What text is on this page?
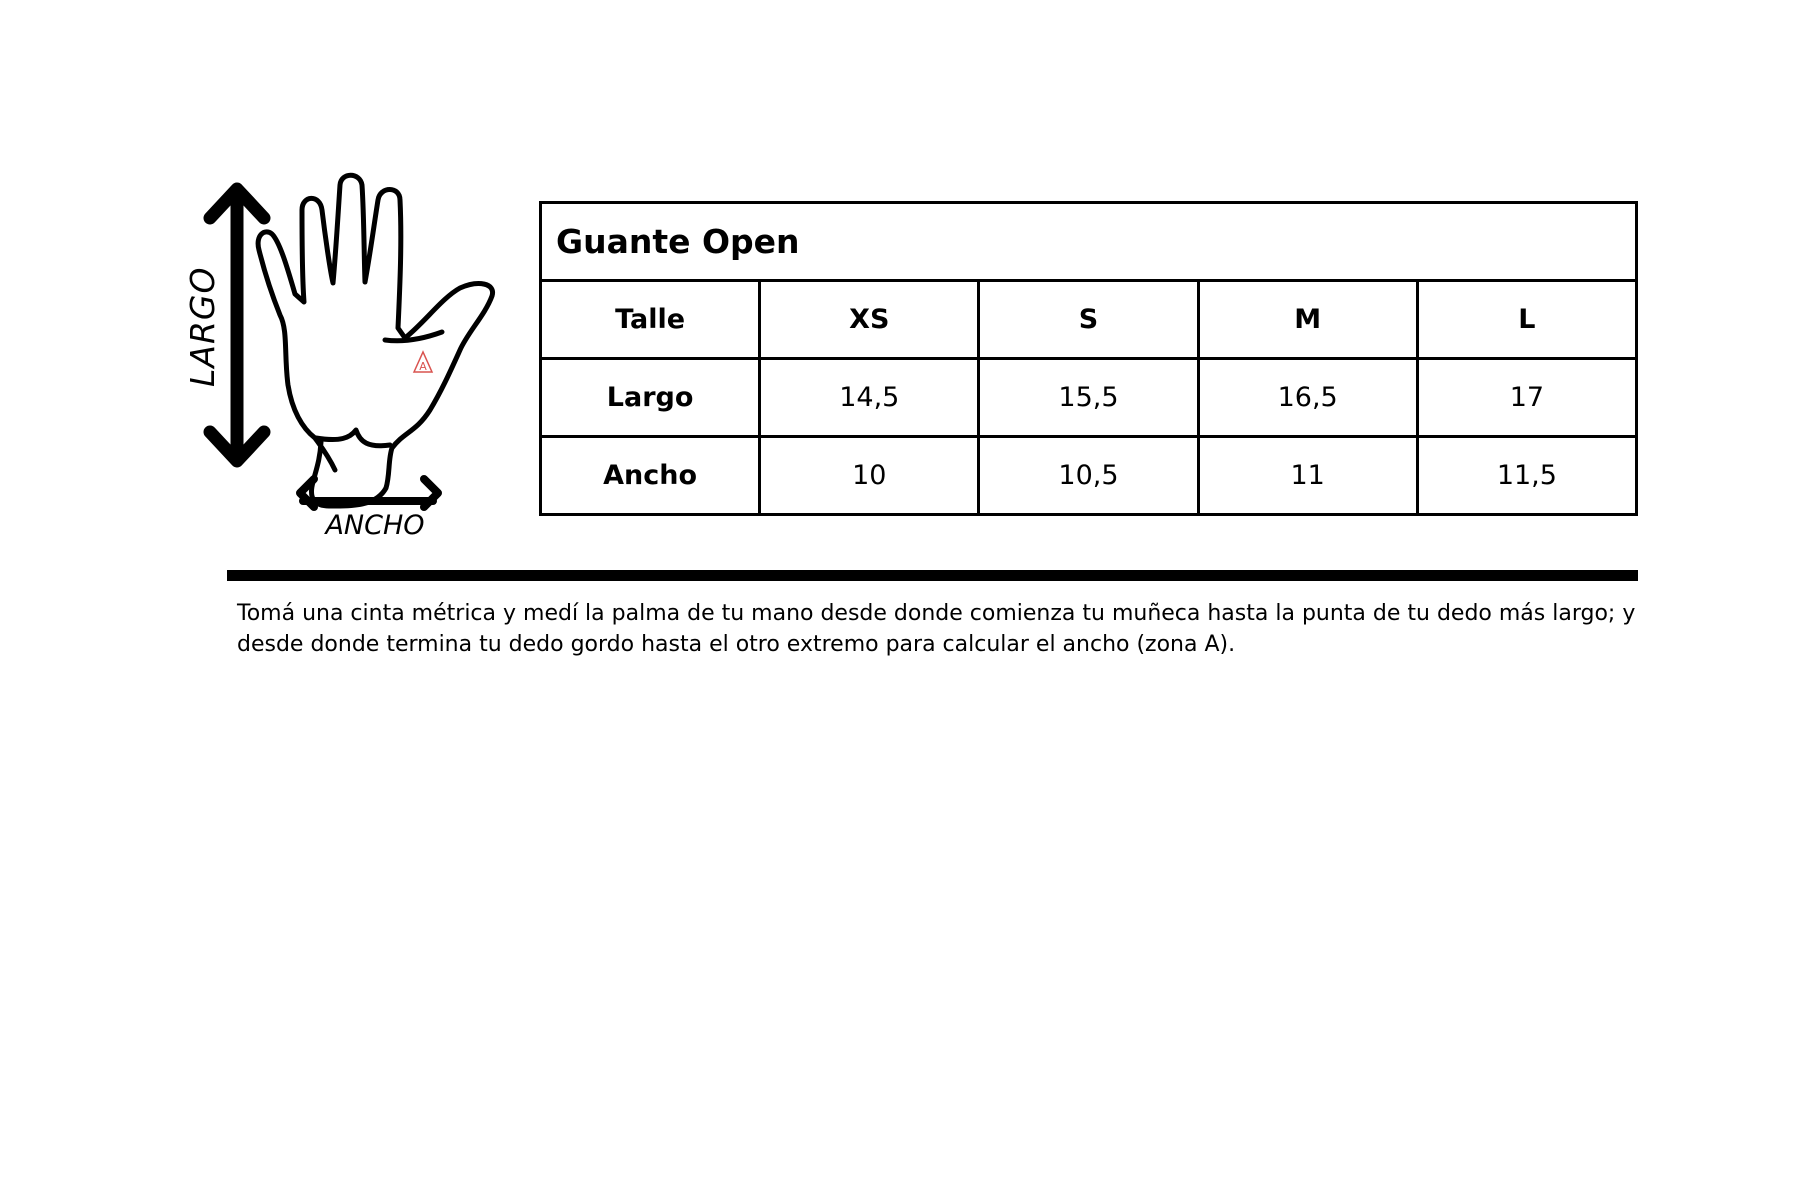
A
LARGO
ANCHO
Guante Open				
Talle	XS	S	M	L
Largo	14,5	15,5	16,5	17
Ancho	10	10,5	11	11,5

Tomá una cinta métrica y medí la palma de tu mano desde donde comienza tu muñeca hasta la punta de tu dedo más largo; y desde donde termina tu dedo gordo hasta el otro extremo para calcular el ancho (zona A).
